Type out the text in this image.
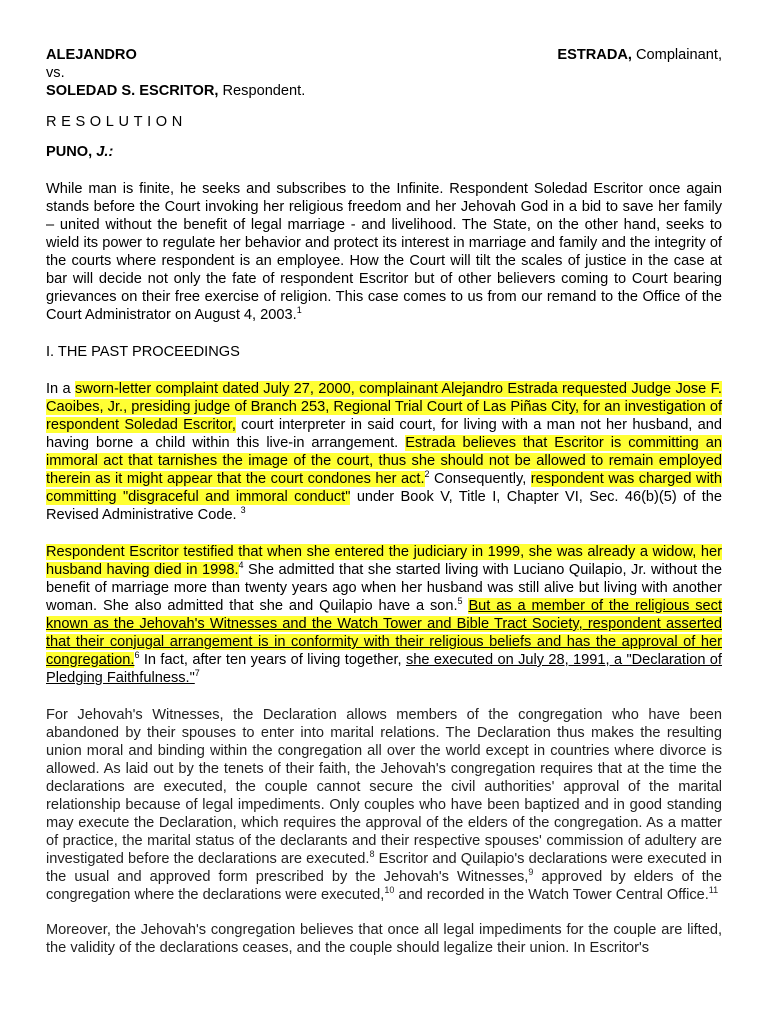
ALEJANDRO	ESTRADA, Complainant,

vs.

SOLEDAD S. ESCRITOR, Respondent.

RESOLUTION

PUNO, J.:

While man is finite, he seeks and subscribes to the Infinite. Respondent Soledad Escritor once again stands before the Court invoking her religious freedom and her Jehovah God in a bid to save her family – united without the benefit of legal marriage - and livelihood. The State, on the other hand, seeks to wield its power to regulate her behavior and protect its interest in marriage and family and the integrity of the courts where respondent is an employee. How the Court will tilt the scales of justice in the case at bar will decide not only the fate of respondent Escritor but of other believers coming to Court bearing grievances on their free exercise of religion. This case comes to us from our remand to the Office of the Court Administrator on August 4, 2003.$^1$

I. THE PAST PROCEEDINGS

In a sworn-letter complaint dated July 27, 2000, complainant Alejandro Estrada requested Judge Jose F. Caoibes, Jr., presiding judge of Branch 253, Regional Trial Court of Las Piñas City, for an investigation of respondent Soledad Escritor, court interpreter in said court, for living with a man not her husband, and having borne a child within this live-in arrangement. Estrada believes that Escritor is committing an immoral act that tarnishes the image of the court, thus she should not be allowed to remain employed therein as it might appear that the court condones her act.$^2$ Consequently, respondent was charged with committing "disgraceful and immoral conduct" under Book V, Title I, Chapter VI, Sec. 46(b)(5) of the Revised Administrative Code. $^3$

Respondent Escritor testified that when she entered the judiciary in 1999, she was already a widow, her husband having died in 1998.$^4$ She admitted that she started living with Luciano Quilapio, Jr. without the benefit of marriage more than twenty years ago when her husband was still alive but living with another woman. She also admitted that she and Quilapio have a son.$^5$ But as a member of the religious sect known as the Jehovah's Witnesses and the Watch Tower and Bible Tract Society, respondent asserted that their conjugal arrangement is in conformity with their religious beliefs and has the approval of her congregation.$^6$ In fact, after ten years of living together, she executed on July 28, 1991, a "Declaration of Pledging Faithfulness."$^7$

For Jehovah's Witnesses, the Declaration allows members of the congregation who have been abandoned by their spouses to enter into marital relations. The Declaration thus makes the resulting union moral and binding within the congregation all over the world except in countries where divorce is allowed. As laid out by the tenets of their faith, the Jehovah's congregation requires that at the time the declarations are executed, the couple cannot secure the civil authorities' approval of the marital relationship because of legal impediments. Only couples who have been baptized and in good standing may execute the Declaration, which requires the approval of the elders of the congregation. As a matter of practice, the marital status of the declarants and their respective spouses' commission of adultery are investigated before the declarations are executed.$^8$ Escritor and Quilapio's declarations were executed in the usual and approved form prescribed by the Jehovah's Witnesses,$^9$ approved by elders of the congregation where the declarations were executed,$^{10}$ and recorded in the Watch Tower Central Office.$^{11}$

Moreover, the Jehovah's congregation believes that once all legal impediments for the couple are lifted, the validity of the declarations ceases, and the couple should legalize their union. In Escritor's
